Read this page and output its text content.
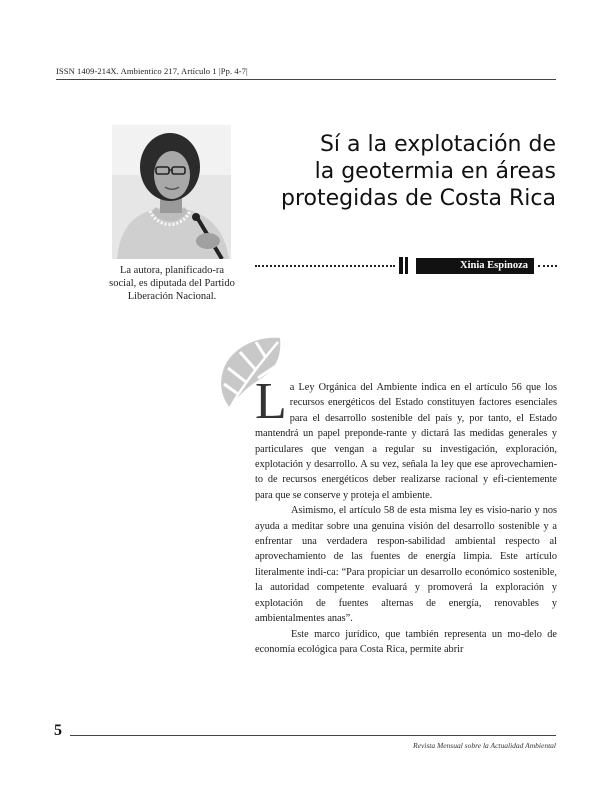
ISSN 1409-214X. Ambientico 217, Artículo 1 |Pp. 4-7|
La autora, planificado-ra social, es diputada del Partido Liberación Nacional.
Sí a la explotación de
la geotermia en áreas
protegidas de Costa Rica
Xinia Espinoza

La Ley Orgánica del Ambiente indica en el artículo 56 que los recursos energéticos del Estado constituyen factores esenciales para el desarrollo sostenible del país y, por tanto, el Estado mantendrá un papel preponde-rante y dictará las medidas generales y particulares que vengan a regular su investigación, exploración, explotación y desarrollo. A su vez, señala la ley que ese aprovechamien-to de recursos energéticos deber realizarse racional y efi-cientemente para que se conserve y proteja el ambiente.

Asimismo, el artículo 58 de esta misma ley es visio-nario y nos ayuda a meditar sobre una genuina visión del desarrollo sostenible y a enfrentar una verdadera respon-sabilidad ambiental respecto al aprovechamiento de las fuentes de energía limpia. Este artículo literalmente indi-ca: “Para propiciar un desarrollo económico sostenible, la autoridad competente evaluará y promoverá la exploración y explotación de fuentes alternas de energía, renovables y ambientalmentes anas”.

Este marco jurídico, que también representa un mo-delo de economía ecológica para Costa Rica, permite abrir

5
Revista Mensual sobre la Actualidad Ambiental
